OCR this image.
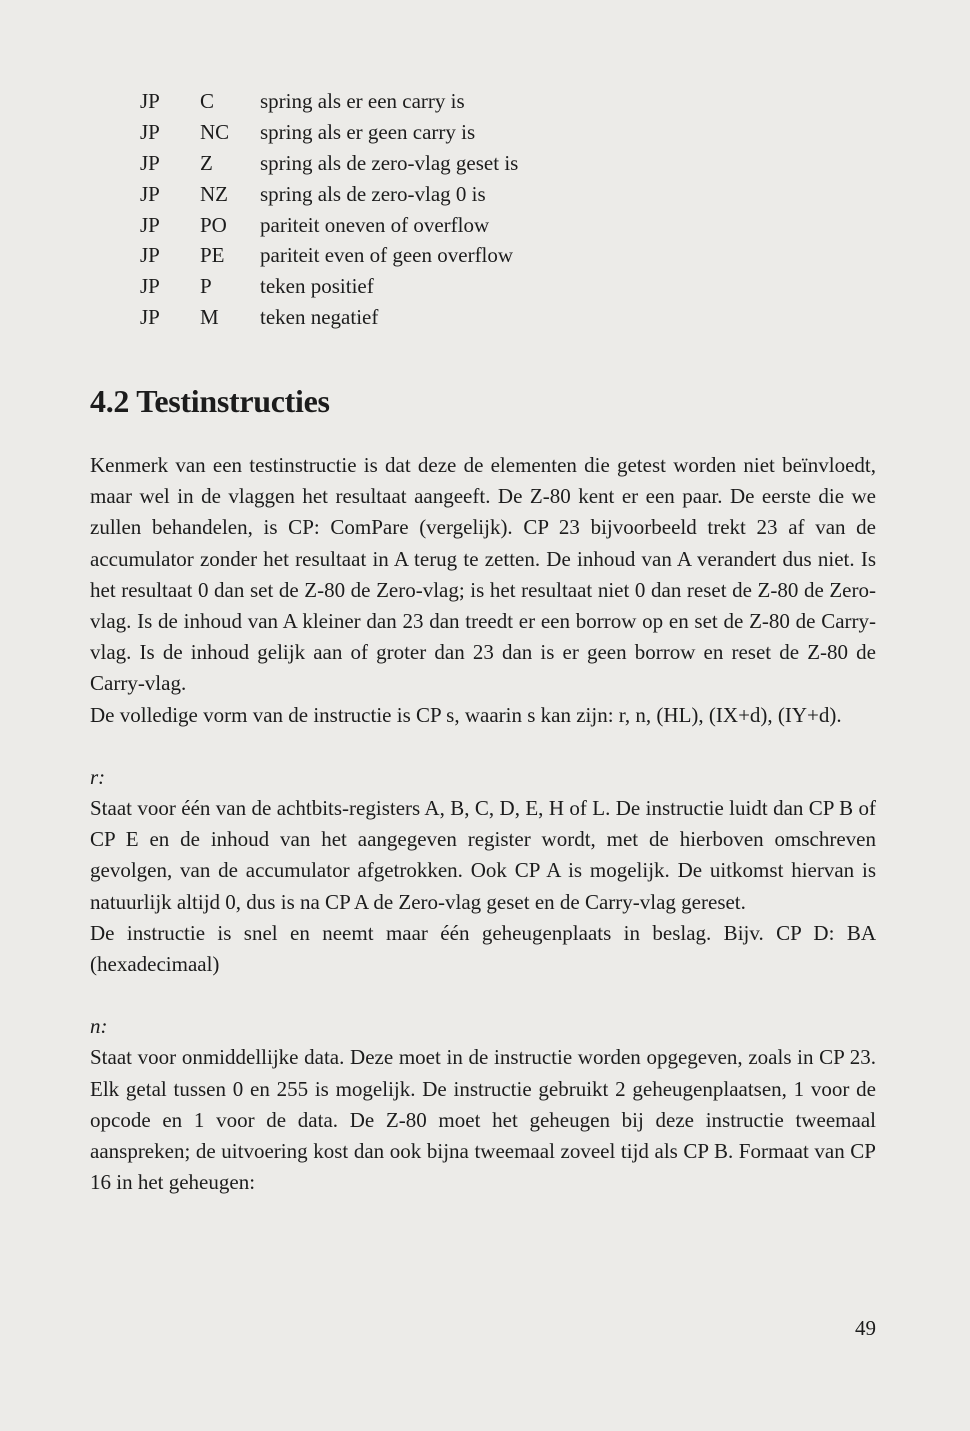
JP C spring als er een carry is
JP NC spring als er geen carry is
JP Z spring als de zero-vlag geset is
JP NZ spring als de zero-vlag 0 is
JP PO pariteit oneven of overflow
JP PE pariteit even of geen overflow
JP P teken positief
JP M teken negatief
4.2 Testinstructies

Kenmerk van een testinstructie is dat deze de elementen die getest worden niet beïnvloedt, maar wel in de vlaggen het resultaat aangeeft. De Z-80 kent er een paar. De eerste die we zullen behandelen, is CP: ComPare (vergelijk). CP 23 bijvoorbeeld trekt 23 af van de accumulator zonder het resultaat in A terug te zetten. De inhoud van A verandert dus niet. Is het resultaat 0 dan set de Z-80 de Zero-vlag; is het resultaat niet 0 dan reset de Z-80 de Zero-vlag. Is de inhoud van A kleiner dan 23 dan treedt er een borrow op en set de Z-80 de Carry-vlag. Is de inhoud gelijk aan of groter dan 23 dan is er geen borrow en reset de Z-80 de Carry-vlag.

De volledige vorm van de instructie is CP s, waarin s kan zijn: r, n, (HL), (IX+d), (IY+d).

r:

Staat voor één van de achtbits-registers A, B, C, D, E, H of L. De instructie luidt dan CP B of CP E en de inhoud van het aangegeven register wordt, met de hierboven omschreven gevolgen, van de accumulator afgetrokken. Ook CP A is mogelijk. De uitkomst hiervan is natuurlijk altijd 0, dus is na CP A de Zero-vlag geset en de Carry-vlag gereset.

De instructie is snel en neemt maar één geheugenplaats in beslag. Bijv. CP D: BA (hexadecimaal)

n:

Staat voor onmiddellijke data. Deze moet in de instructie worden opgegeven, zoals in CP 23. Elk getal tussen 0 en 255 is mogelijk. De instructie gebruikt 2 geheugenplaatsen, 1 voor de opcode en 1 voor de data. De Z-80 moet het geheugen bij deze instructie tweemaal aanspreken; de uitvoering kost dan ook bijna tweemaal zoveel tijd als CP B. Formaat van CP 16 in het geheugen:

49
